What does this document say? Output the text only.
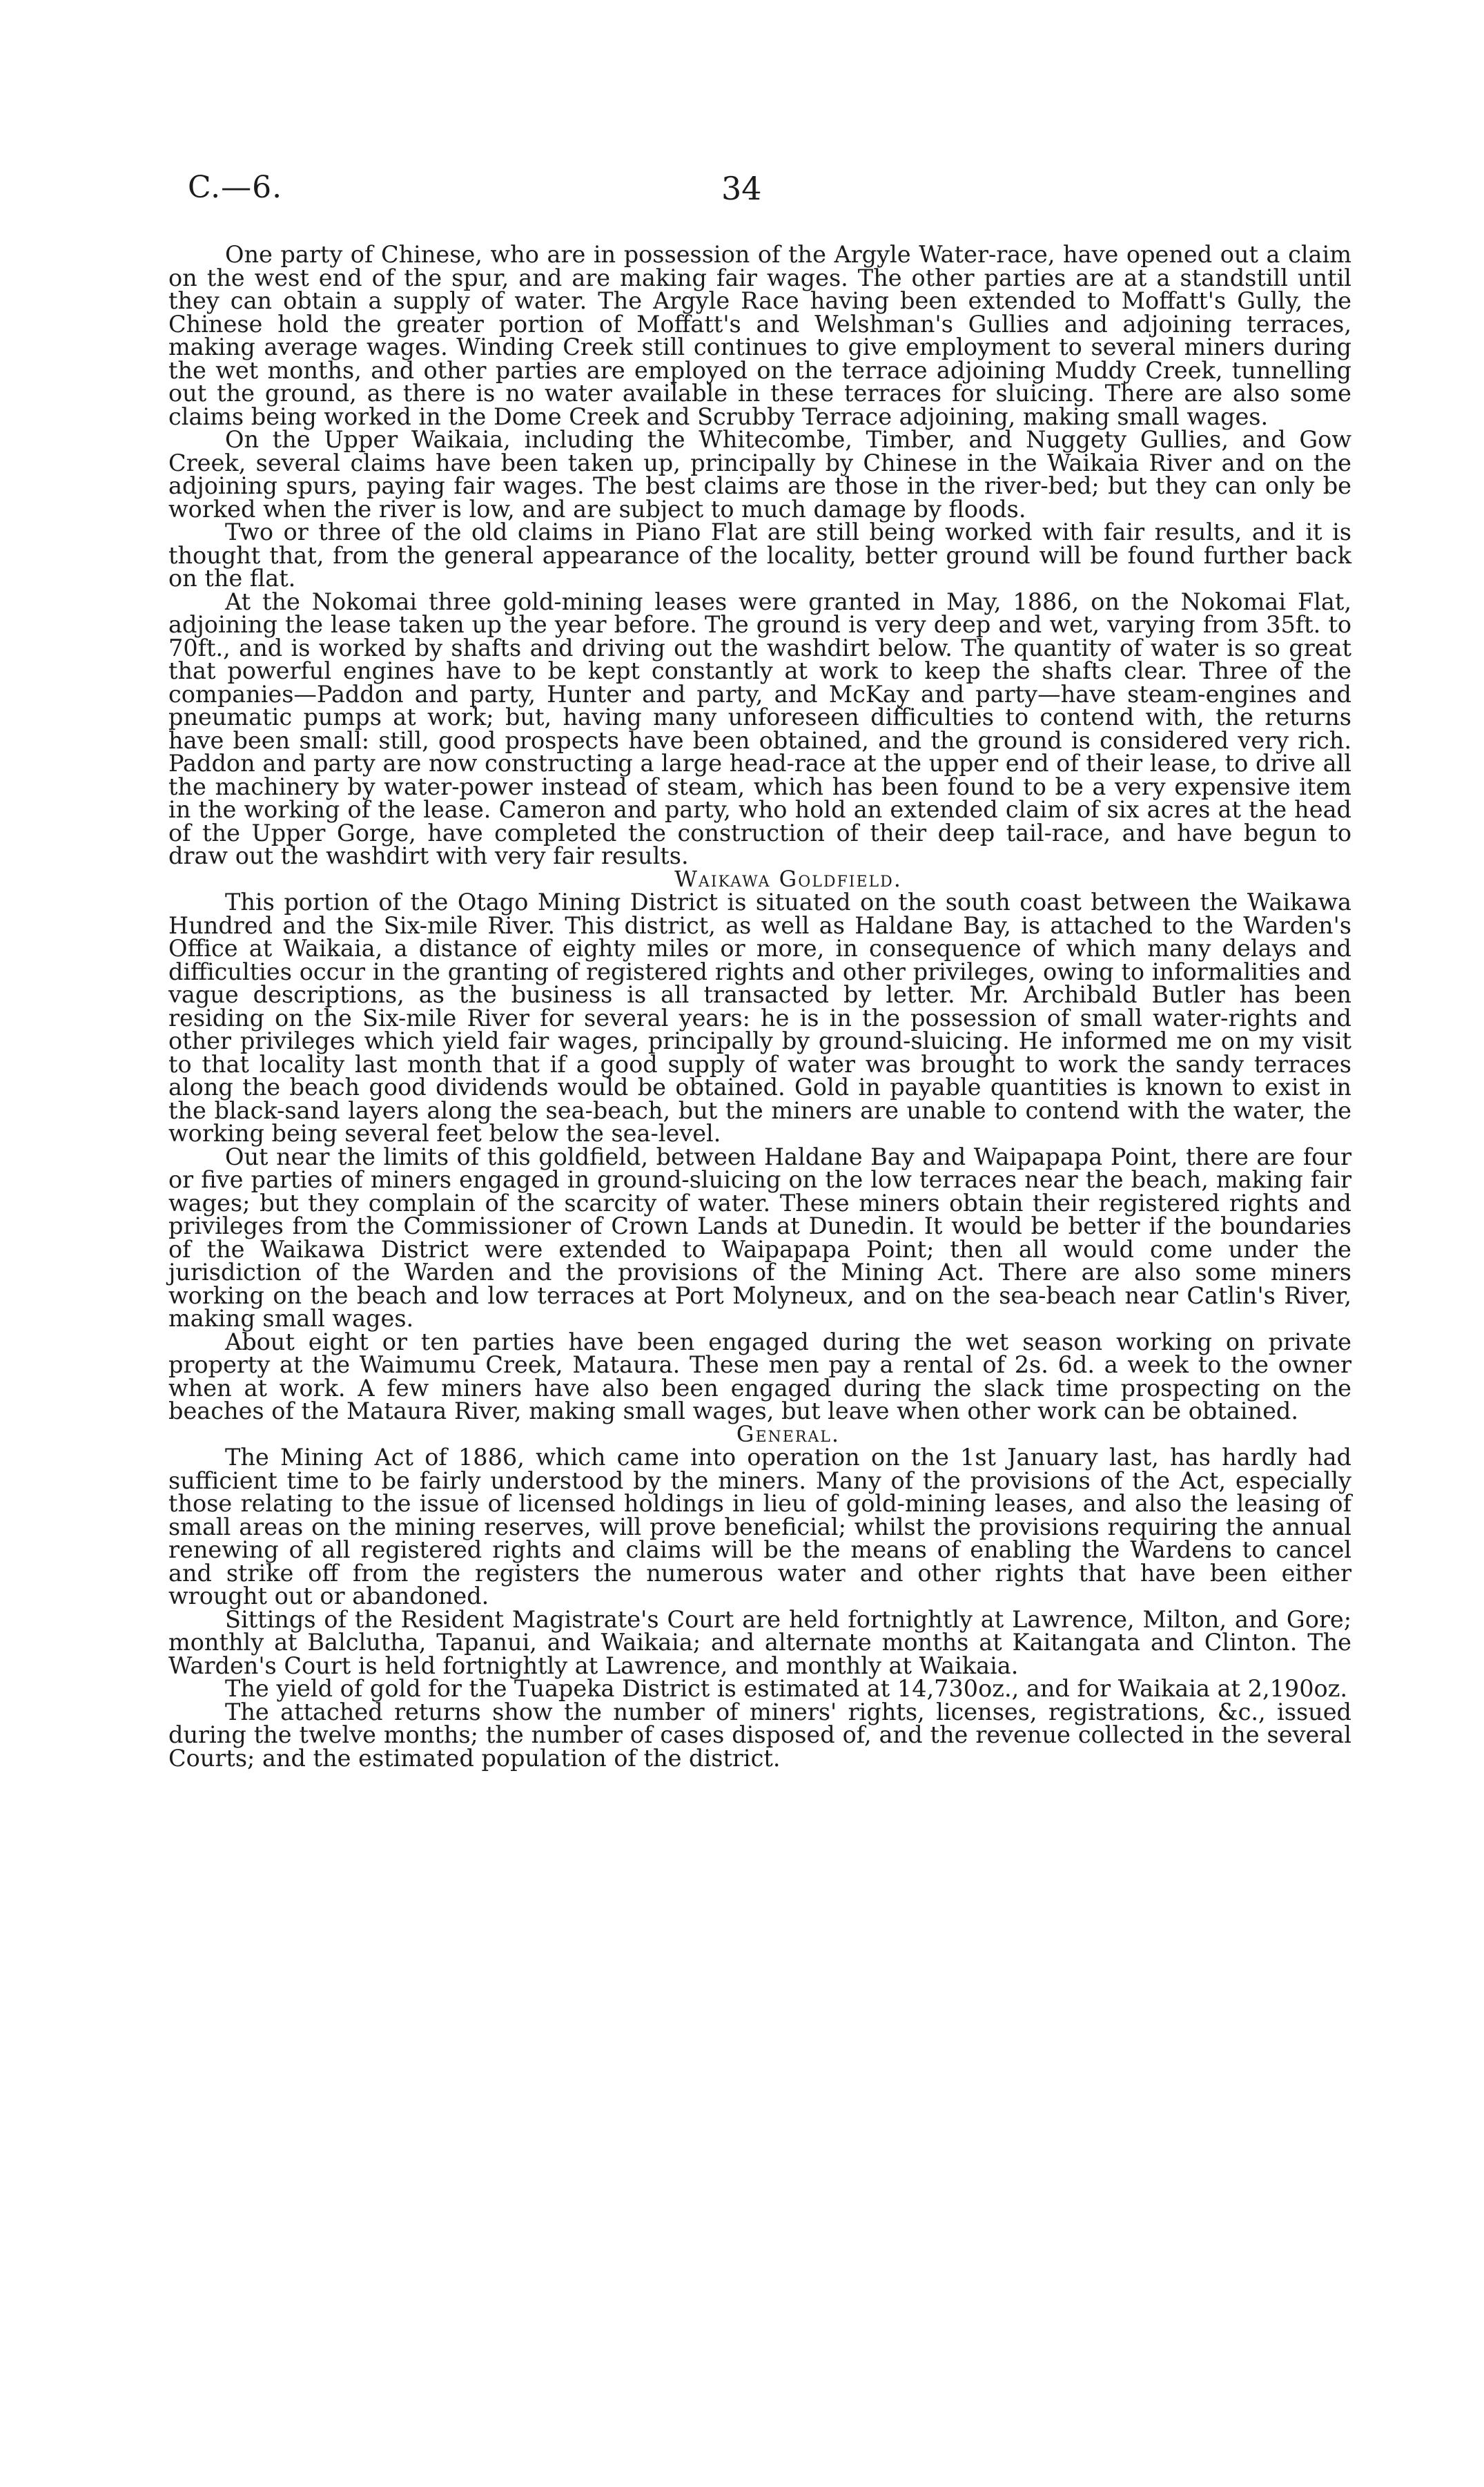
C.—6.	34

One party of Chinese, who are in possession of the Argyle Water-race, have opened out a claim on the west end of the spur, and are making fair wages. The other parties are at a standstill until they can obtain a supply of water. The Argyle Race having been extended to Moffatt's Gully, the Chinese hold the greater portion of Moffatt's and Welshman's Gullies and adjoining terraces, making average wages. Winding Creek still continues to give employment to several miners during the wet months, and other parties are employed on the terrace adjoining Muddy Creek, tunnelling out the ground, as there is no water available in these terraces for sluicing. There are also some claims being worked in the Dome Creek and Scrubby Terrace adjoining, making small wages.

On the Upper Waikaia, including the Whitecombe, Timber, and Nuggety Gullies, and Gow Creek, several claims have been taken up, principally by Chinese in the Waikaia River and on the adjoining spurs, paying fair wages. The best claims are those in the river-bed; but they can only be worked when the river is low, and are subject to much damage by floods.

Two or three of the old claims in Piano Flat are still being worked with fair results, and it is thought that, from the general appearance of the locality, better ground will be found further back on the flat.

At the Nokomai three gold-mining leases were granted in May, 1886, on the Nokomai Flat, adjoining the lease taken up the year before. The ground is very deep and wet, varying from 35ft. to 70ft., and is worked by shafts and driving out the washdirt below. The quantity of water is so great that powerful engines have to be kept constantly at work to keep the shafts clear. Three of the companies—Paddon and party, Hunter and party, and McKay and party—have steam-engines and pneumatic pumps at work; but, having many unforeseen difficulties to contend with, the returns have been small: still, good prospects have been obtained, and the ground is considered very rich. Paddon and party are now constructing a large head-race at the upper end of their lease, to drive all the machinery by water-power instead of steam, which has been found to be a very expensive item in the working of the lease. Cameron and party, who hold an extended claim of six acres at the head of the Upper Gorge, have completed the construction of their deep tail-race, and have begun to draw out the washdirt with very fair results.

Waikawa Goldfield.

This portion of the Otago Mining District is situated on the south coast between the Waikawa Hundred and the Six-mile River. This district, as well as Haldane Bay, is attached to the Warden's Office at Waikaia, a distance of eighty miles or more, in consequence of which many delays and difficulties occur in the granting of registered rights and other privileges, owing to informalities and vague descriptions, as the business is all transacted by letter. Mr. Archibald Butler has been residing on the Six-mile River for several years: he is in the possession of small water-rights and other privileges which yield fair wages, principally by ground-sluicing. He informed me on my visit to that locality last month that if a good supply of water was brought to work the sandy terraces along the beach good dividends would be obtained. Gold in payable quantities is known to exist in the black-sand layers along the sea-beach, but the miners are unable to contend with the water, the working being several feet below the sea-level.

Out near the limits of this goldfield, between Haldane Bay and Waipapapa Point, there are four or five parties of miners engaged in ground-sluicing on the low terraces near the beach, making fair wages; but they complain of the scarcity of water. These miners obtain their registered rights and privileges from the Commissioner of Crown Lands at Dunedin. It would be better if the boundaries of the Waikawa District were extended to Waipapapa Point; then all would come under the jurisdiction of the Warden and the provisions of the Mining Act. There are also some miners working on the beach and low terraces at Port Molyneux, and on the sea-beach near Catlin's River, making small wages.

About eight or ten parties have been engaged during the wet season working on private property at the Waimumu Creek, Mataura. These men pay a rental of 2s. 6d. a week to the owner when at work. A few miners have also been engaged during the slack time prospecting on the beaches of the Mataura River, making small wages, but leave when other work can be obtained.

General.

The Mining Act of 1886, which came into operation on the 1st January last, has hardly had sufficient time to be fairly understood by the miners. Many of the provisions of the Act, especially those relating to the issue of licensed holdings in lieu of gold-mining leases, and also the leasing of small areas on the mining reserves, will prove beneficial; whilst the provisions requiring the annual renewing of all registered rights and claims will be the means of enabling the Wardens to cancel and strike off from the registers the numerous water and other rights that have been either wrought out or abandoned.

Sittings of the Resident Magistrate's Court are held fortnightly at Lawrence, Milton, and Gore; monthly at Balclutha, Tapanui, and Waikaia; and alternate months at Kaitangata and Clinton. The Warden's Court is held fortnightly at Lawrence, and monthly at Waikaia.

The yield of gold for the Tuapeka District is estimated at 14,730oz., and for Waikaia at 2,190oz.

The attached returns show the number of miners' rights, licenses, registrations, &c., issued during the twelve months; the number of cases disposed of, and the revenue collected in the several Courts; and the estimated population of the district.
